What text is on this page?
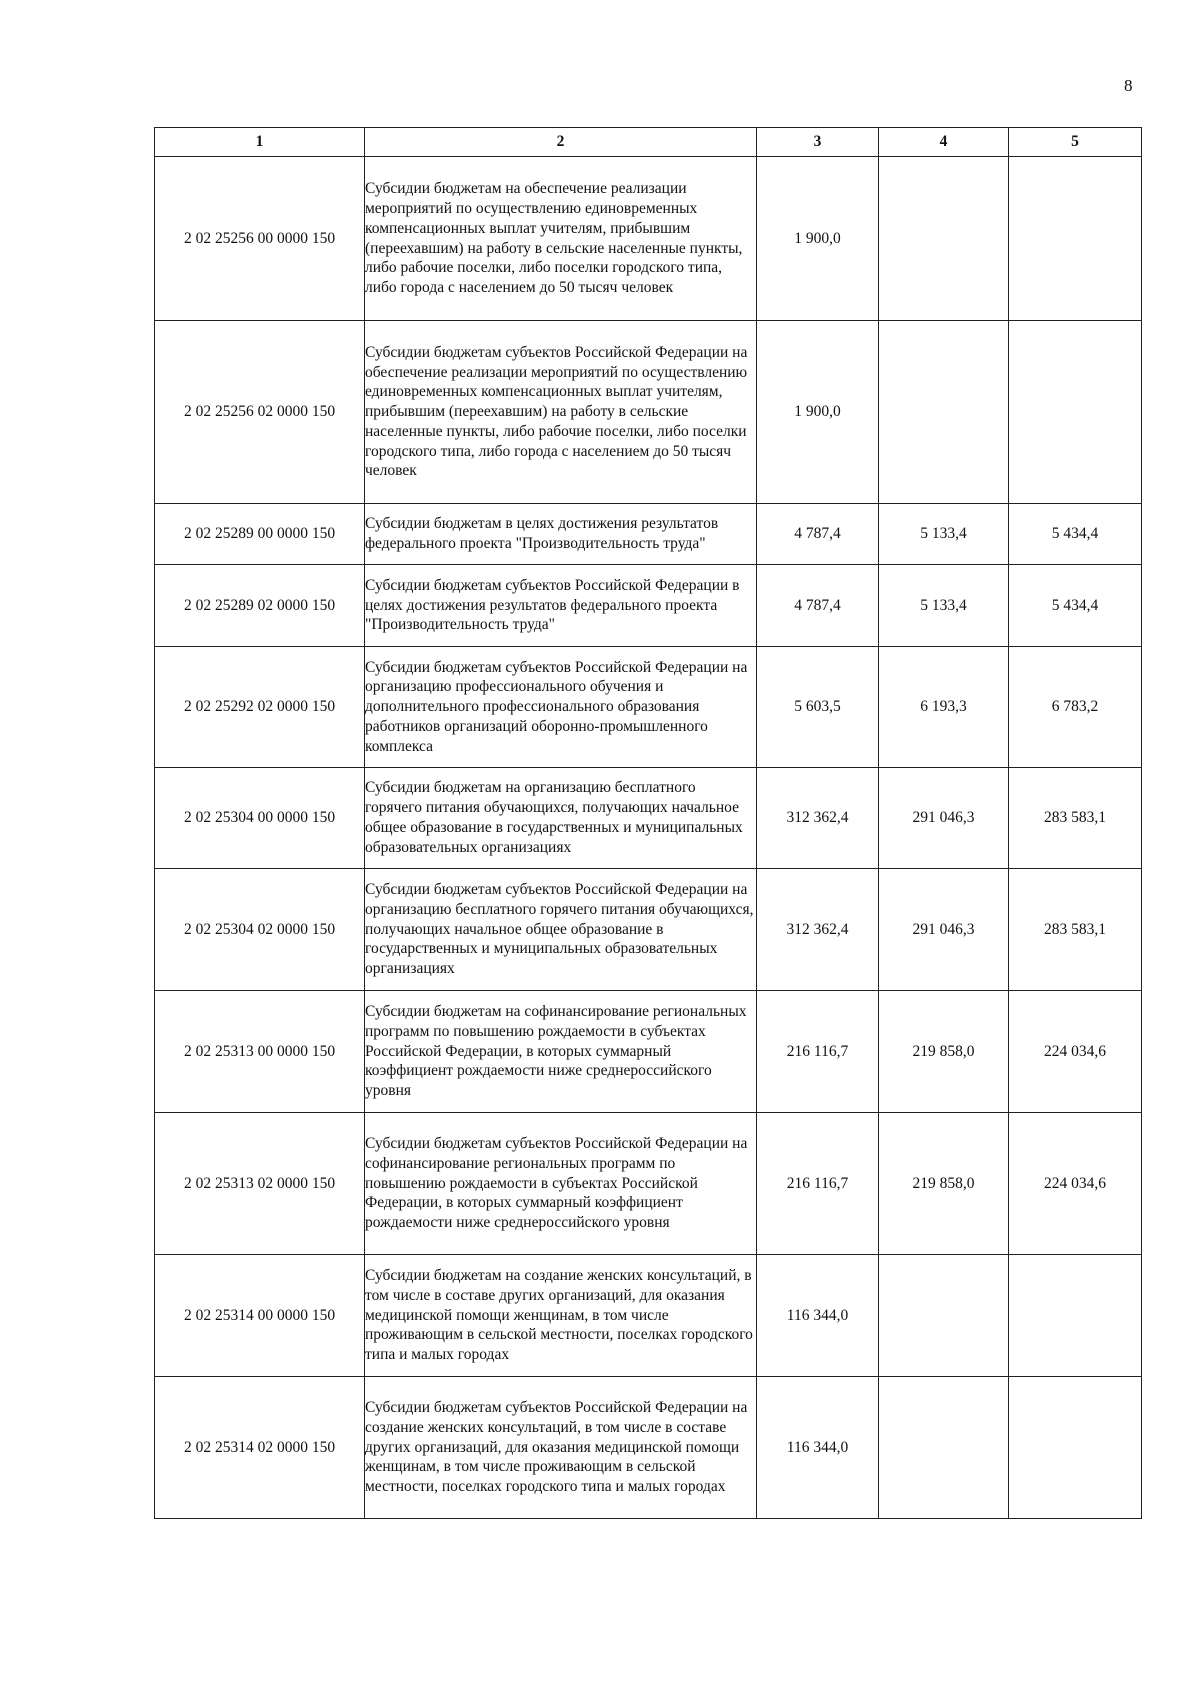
8
1	2	3	4	5
2 02 25256 00 0000 150	Субсидии бюджетам на обеспечение реализации мероприятий по осуществлению единовременных компенсационных выплат учителям, прибывшим (переехавшим) на работу в сельские населенные пункты, либо рабочие поселки, либо поселки городского типа, либо города с населением до 50 тысяч человек	1 900,0		
2 02 25256 02 0000 150	Субсидии бюджетам субъектов Российской Федерации на обеспечение реализации мероприятий по осуществлению единовременных компенсационных выплат учителям, прибывшим (переехавшим) на работу в сельские населенные пункты, либо рабочие поселки, либо поселки городского типа, либо города с населением до 50 тысяч человек	1 900,0		
2 02 25289 00 0000 150	Субсидии бюджетам в целях достижения результатов федерального проекта "Производительность труда"	4 787,4	5 133,4	5 434,4
2 02 25289 02 0000 150	Субсидии бюджетам субъектов Российской Федерации в целях достижения результатов федерального проекта "Производительность труда"	4 787,4	5 133,4	5 434,4
2 02 25292 02 0000 150	Субсидии бюджетам субъектов Российской Федерации на организацию профессионального обучения и дополнительного профессионального образования работников организаций оборонно-промышленного комплекса	5 603,5	6 193,3	6 783,2
2 02 25304 00 0000 150	Субсидии бюджетам на организацию бесплатного горячего питания обучающихся, получающих начальное общее образование в государственных и муниципальных образовательных организациях	312 362,4	291 046,3	283 583,1
2 02 25304 02 0000 150	Субсидии бюджетам субъектов Российской Федерации на организацию бесплатного горячего питания обучающихся, получающих начальное общее образование в государственных и муниципальных образовательных организациях	312 362,4	291 046,3	283 583,1
2 02 25313 00 0000 150	Субсидии бюджетам на софинансирование региональных программ по повышению рождаемости в субъектах Российской Федерации, в которых суммарный коэффициент рождаемости ниже среднероссийского уровня	216 116,7	219 858,0	224 034,6
2 02 25313 02 0000 150	Субсидии бюджетам субъектов Российской Федерации на софинансирование региональных программ по повышению рождаемости в субъектах Российской Федерации, в которых суммарный коэффициент рождаемости ниже среднероссийского уровня	216 116,7	219 858,0	224 034,6
2 02 25314 00 0000 150	Субсидии бюджетам на создание женских консультаций, в том числе в составе других организаций, для оказания медицинской помощи женщинам, в том числе проживающим в сельской местности, поселках городского типа и малых городах	116 344,0		
2 02 25314 02 0000 150	Субсидии бюджетам субъектов Российской Федерации на создание женских консультаций, в том числе в составе других организаций, для оказания медицинской помощи женщинам, в том числе проживающим в сельской местности, поселках городского типа и малых городах	116 344,0		
